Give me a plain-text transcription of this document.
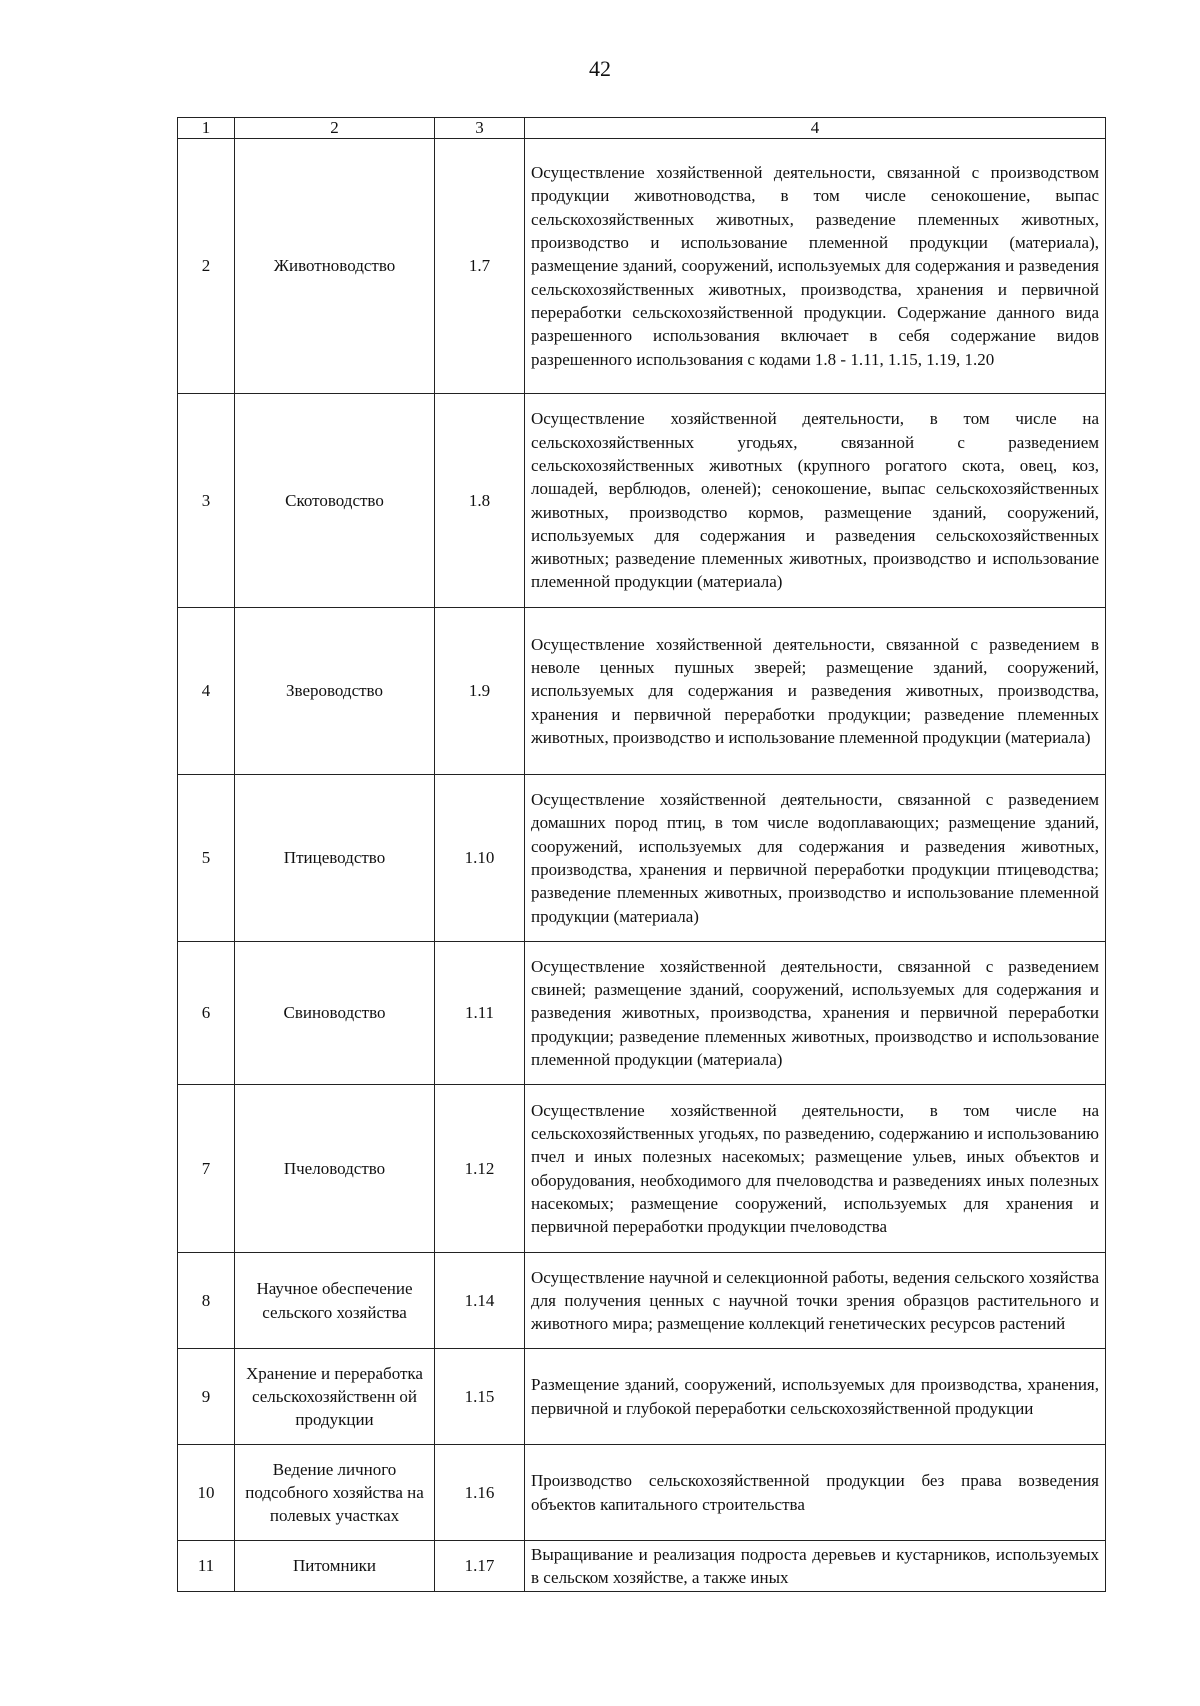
42
1	2	3	4
2	Животноводство	1.7	Осуществление хозяйственной деятельности, связанной с производством продукции животноводства, в том числе сенокошение, выпас сельскохозяйственных животных, разведение племенных животных, производство и использование племенной продукции (материала), размещение зданий, сооружений, используемых для содержания и разведения сельскохозяйственных животных, производства, хранения и первичной переработки сельскохозяйственной продукции. Содержание данного вида разрешенного использования включает в себя содержание видов разрешенного использования с кодами 1.8 - 1.11, 1.15, 1.19, 1.20
3	Скотоводство	1.8	Осуществление хозяйственной деятельности, в том числе на сельскохозяйственных угодьях, связанной с разведением сельскохозяйственных животных (крупного рогатого скота, овец, коз, лошадей, верблюдов, оленей); сенокошение, выпас сельскохозяйственных животных, производство кормов, размещение зданий, сооружений, используемых для содержания и разведения сельскохозяйственных животных; разведение племенных животных, производство и использование племенной продукции (материала)
4	Звероводство	1.9	Осуществление хозяйственной деятельности, связанной с разведением в неволе ценных пушных зверей; размещение зданий, сооружений, используемых для содержания и разведения животных, производства, хранения и первичной переработки продукции; разведение племенных животных, производство и использование племенной продукции (материала)
5	Птицеводство	1.10	Осуществление хозяйственной деятельности, связанной с разведением домашних пород птиц, в том числе водоплавающих; размещение зданий, сооружений, используемых для содержания и разведения животных, производства, хранения и первичной переработки продукции птицеводства; разведение племенных животных, производство и использование племенной продукции (материала)
6	Свиноводство	1.11	Осуществление хозяйственной деятельности, связанной с разведением свиней; размещение зданий, сооружений, используемых для содержания и разведения животных, производства, хранения и первичной переработки продукции; разведение племенных животных, производство и использование племенной продукции (материала)
7	Пчеловодство	1.12	Осуществление хозяйственной деятельности, в том числе на сельскохозяйственных угодьях, по разведению, содержанию и использованию пчел и иных полезных насекомых; размещение ульев, иных объектов и оборудования, необходимого для пчеловодства и разведениях иных полезных насекомых; размещение сооружений, используемых для хранения и первичной переработки продукции пчеловодства
8	Научное обеспечение сельского хозяйства	1.14	Осуществление научной и селекционной работы, ведения сельского хозяйства для получения ценных с научной точки зрения образцов растительного и животного мира; размещение коллекций генетических ресурсов растений
9	Хранение и переработка сельскохозяйственн ой продукции	1.15	Размещение зданий, сооружений, используемых для производства, хранения, первичной и глубокой переработки сельскохозяйственной продукции
10	Ведение личного подсобного хозяйства на полевых участках	1.16	Производство сельскохозяйственной продукции без права возведения объектов капитального строительства
11	Питомники	1.17	Выращивание и реализация подроста деревьев и кустарников, используемых в сельском хозяйстве, а также иных
